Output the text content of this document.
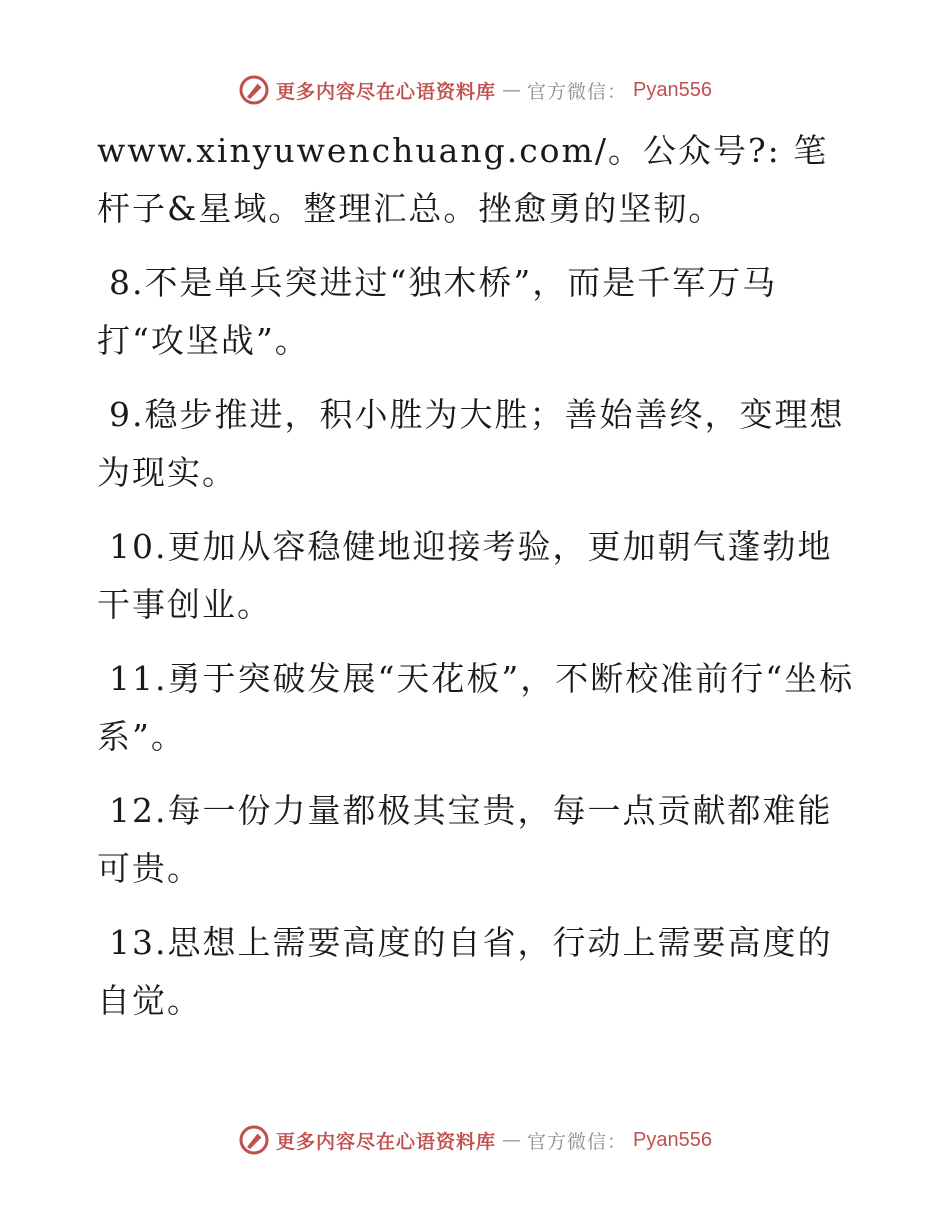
更多内容尽在心语资料库 — 官方微信： Pyan556

www.xinyuwenchuang.com/。公众号?: 笔杆子&星域。整理汇总。挫愈勇的坚韧。

8.不是单兵突进过“独木桥”，而是千军万马打“攻坚战”。

9.稳步推进，积小胜为大胜；善始善终，变理想为现实。

10.更加从容稳健地迎接考验，更加朝气蓬勃地干事创业。

11.勇于突破发展“天花板”，不断校准前行“坐标系”。

12.每一份力量都极其宝贵，每一点贡献都难能可贵。

13.思想上需要高度的自省，行动上需要高度的自觉。

更多内容尽在心语资料库 — 官方微信： Pyan556
